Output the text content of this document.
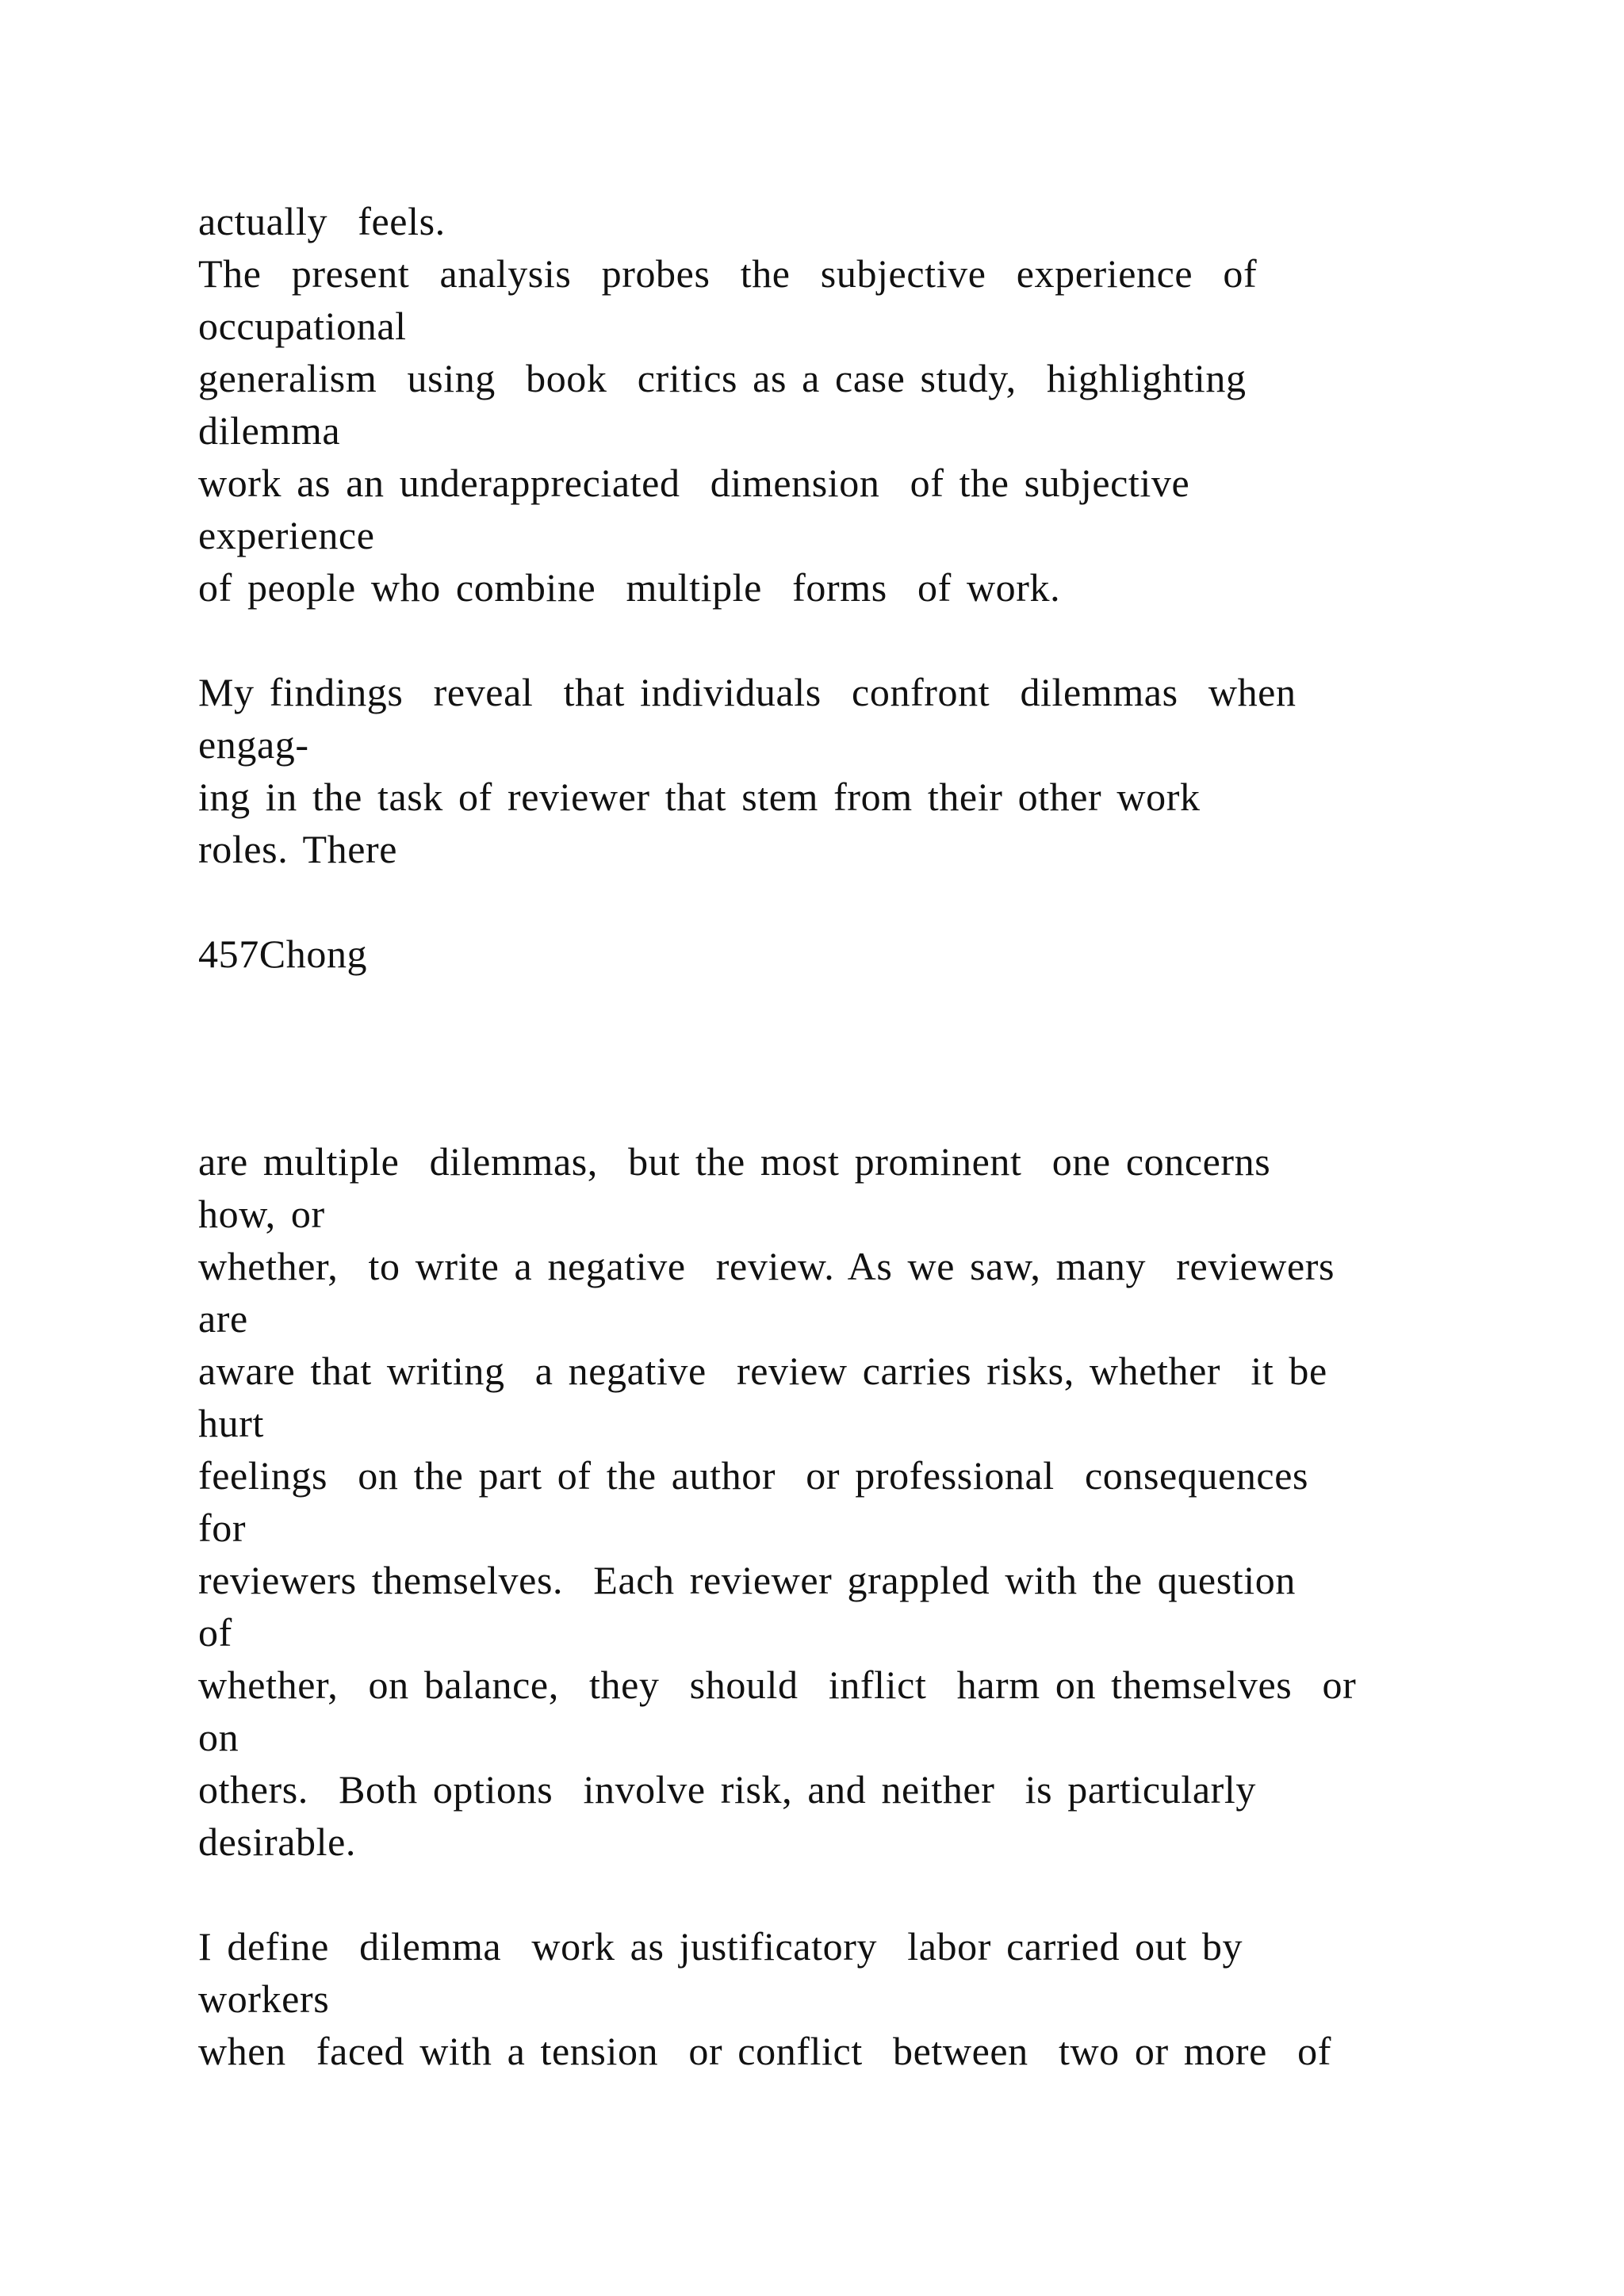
actually  feels.
The  present  analysis  probes  the  subjective  experience  of
occupational
generalism  using  book  critics as a case study,  highlighting
dilemma
work as an underappreciated  dimension  of the subjective
experience
of people who combine  multiple  forms  of work.
My findings  reveal  that individuals  confront  dilemmas  when
engag-
ing in the task of reviewer that stem from their other work
roles. There
457Chong
are multiple  dilemmas,  but the most prominent  one concerns
how, or
whether,  to write a negative  review. As we saw, many  reviewers
are
aware that writing  a negative  review carries risks, whether  it be
hurt
feelings  on the part of the author  or professional  consequences
for
reviewers themselves.  Each reviewer grappled with the question
of
whether,  on balance,  they  should  inflict  harm on themselves  or
on
others.  Both options  involve risk, and neither  is particularly
desirable.
I define  dilemma  work as justificatory  labor carried out by
workers
when  faced with a tension  or conflict  between  two or more  of
